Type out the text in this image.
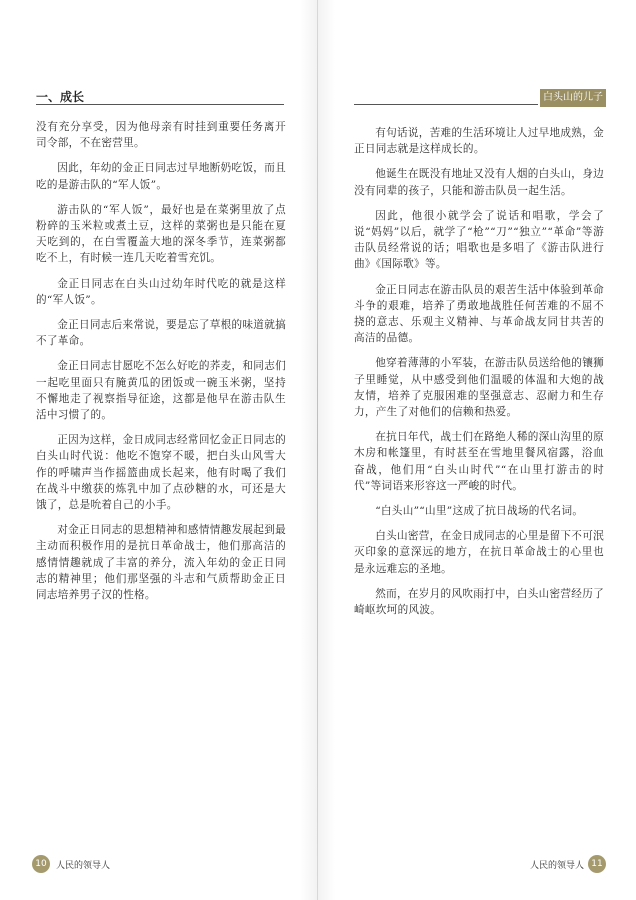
一、成长

没有充分享受，因为他母亲有时挂到重要任务离开司令部，不在密营里。

因此，年幼的金正日同志过早地断奶吃饭，而且吃的是游击队的“军人饭”。

游击队的“军人饭”，最好也是在菜粥里放了点粉碎的玉米粒或煮土豆，这样的菜粥也是只能在夏天吃到的，在白雪覆盖大地的深冬季节，连菜粥都吃不上，有时候一连几天吃着雪充饥。

金正日同志在白头山过幼年时代吃的就是这样的“军人饭”。

金正日同志后来常说，要是忘了草根的味道就搞不了革命。

金正日同志甘愿吃不怎么好吃的荞麦，和同志们一起吃里面只有腌黄瓜的团饭或一碗玉米粥，坚持不懈地走了视察指导征途，这都是他早在游击队生活中习惯了的。

正因为这样，金日成同志经常回忆金正日同志的白头山时代说：他吃不饱穿不暖，把白头山风雪大作的呼啸声当作摇篮曲成长起来，他有时喝了我们在战斗中缴获的炼乳中加了点砂糖的水，可还是大饿了，总是吮着自己的小手。

对金正日同志的思想精神和感情情趣发展起到最主动而积极作用的是抗日革命战士，他们那高洁的感情情趣就成了丰富的养分，流入年幼的金正日同志的精神里；他们那坚强的斗志和气质帮助金正日同志培养男子汉的性格。

10	人民的领导人
白头山的儿子

有句话说，苦难的生活环境让人过早地成熟，金正日同志就是这样成长的。

他诞生在既没有地址又没有人烟的白头山，身边没有同辈的孩子，只能和游击队员一起生活。

因此，他很小就学会了说话和唱歌，学会了说“妈妈”以后，就学了“枪”“刀”“独立”“革命”等游击队员经常说的话；唱歌也是多唱了《游击队进行曲》《国际歌》等。

金正日同志在游击队员的艰苦生活中体验到革命斗争的艰难，培养了勇敢地战胜任何苦难的不屈不挠的意志、乐观主义精神、与革命战友同甘共苦的高洁的品德。

他穿着薄薄的小军装，在游击队员送给他的镶狮子里睡觉，从中感受到他们温暖的体温和大炮的战友情，培养了克服困难的坚强意志、忍耐力和生存力，产生了对他们的信赖和热爱。

在抗日年代，战士们在路绝人稀的深山沟里的原木房和帐篷里，有时甚至在雪地里餐风宿露，浴血奋战，他们用“白头山时代”“在山里打游击的时代”等词语来形容这一严峻的时代。

“白头山”“山里”这成了抗日战场的代名词。

白头山密营，在金日成同志的心里是留下不可泯灭印象的意深远的地方，在抗日革命战士的心里也是永远难忘的圣地。

然而，在岁月的风吹雨打中，白头山密营经历了崎岖坎坷的风波。

人民的领导人 11
